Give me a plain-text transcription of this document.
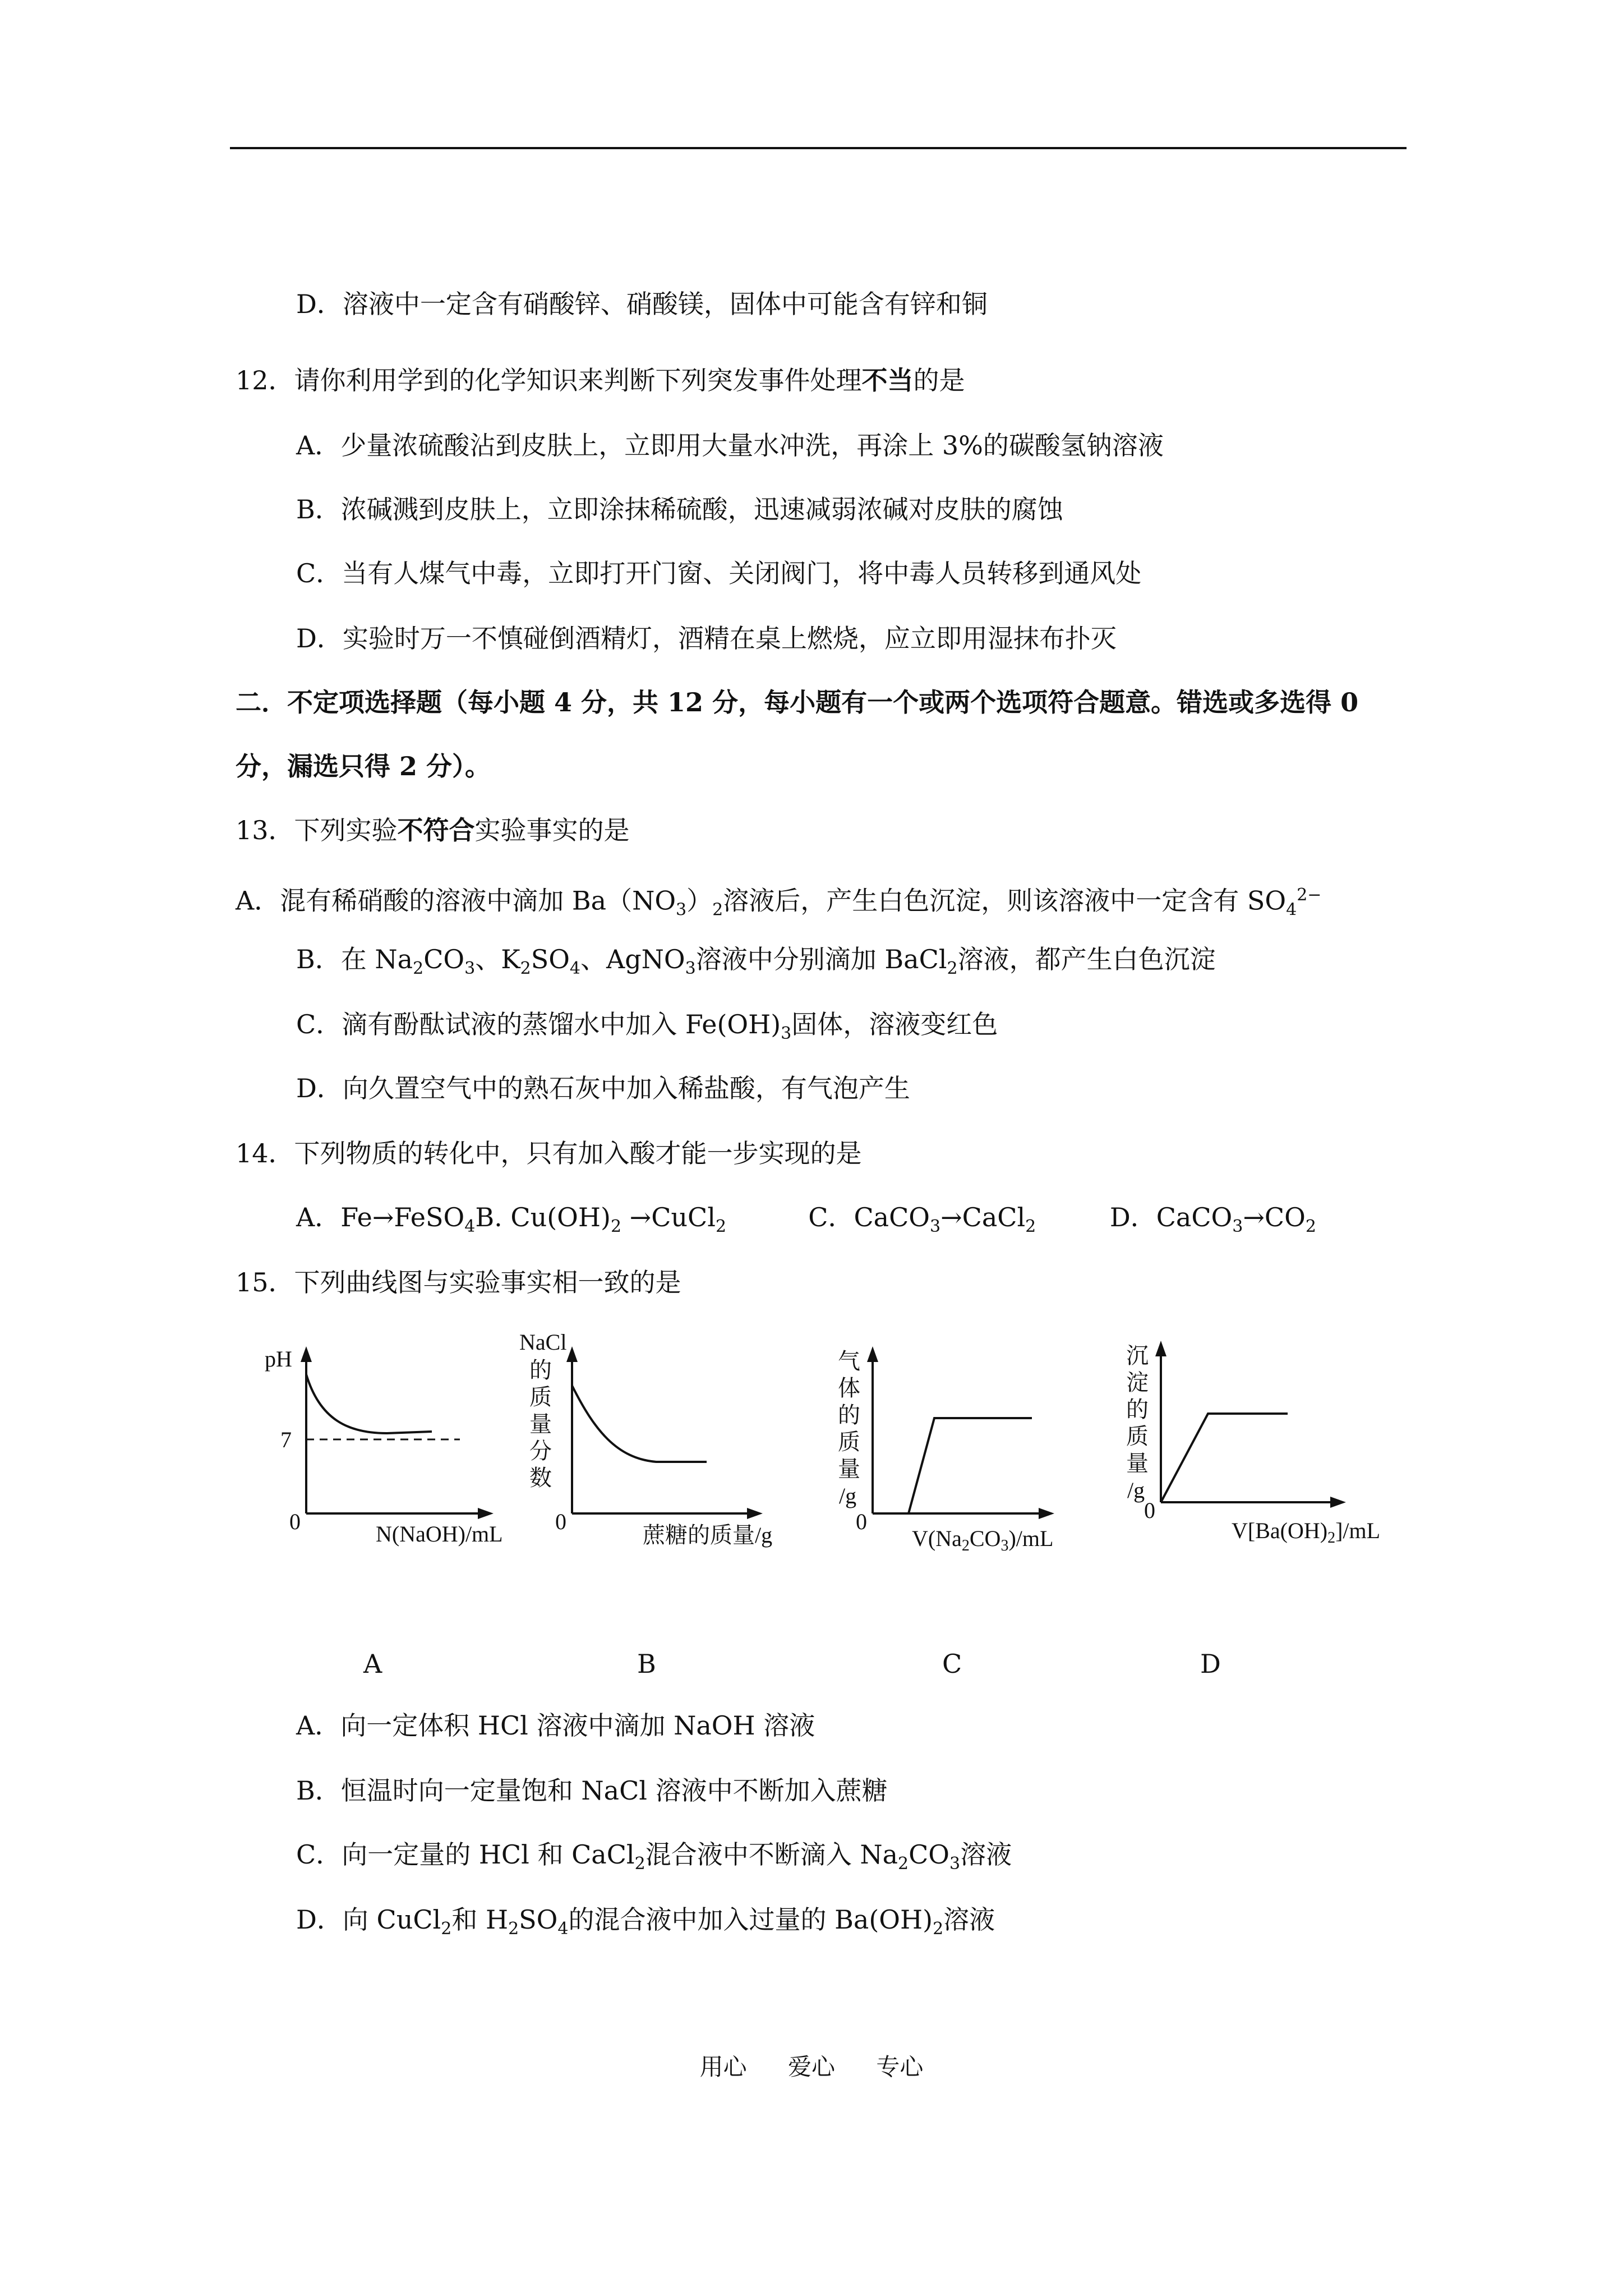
D．溶液中一定含有硝酸锌、硝酸镁，固体中可能含有锌和铜
12．请你利用学到的化学知识来判断下列突发事件处理不当的是
A．少量浓硫酸沾到皮肤上，立即用大量水冲洗，再涂上 3%的碳酸氢钠溶液
B．浓碱溅到皮肤上，立即涂抹稀硫酸，迅速减弱浓碱对皮肤的腐蚀
C．当有人煤气中毒，立即打开门窗、关闭阀门，将中毒人员转移到通风处
D．实验时万一不慎碰倒酒精灯，酒精在桌上燃烧，应立即用湿抹布扑灭
二．不定项选择题（每小题 4 分，共 12 分，每小题有一个或两个选项符合题意。错选或多选得 0
分，漏选只得 2 分）。
13．下列实验不符合实验事实的是
A．混有稀硝酸的溶液中滴加 $Ba(NO_3)_2$溶液后，产生白色沉淀，则该溶液中一定含有 $SO_4^{2-}$
B．在 $Na_2CO_3$、$K_2SO_4$、AgNO$_3$溶液中分别滴加 BaCl$_2$溶液，都产生白色沉淀
C．滴有酚酞试液的蒸馏水中加入 $Fe(OH)_3$固体，溶液变红色
D．向久置空气中的熟石灰中加入稀盐酸，有气泡产生
14．下列物质的转化中，只有加入酸才能一步实现的是
A．Fe→FeSO$_4$B. $Cu(OH)_2$ →CuCl$_2$          C．CaCO$_3$→CaCl$_2$         D．$CaCO_3\to CO_2$
15．下列曲线图与实验事实相一致的是
A．向一定体积 HCl 溶液中滴加 NaOH 溶液
B．恒温时向一定量饱和 NaCl 溶液中不断加入蔗糖
C．向一定量的 HCl 和 CaCl$_2$混合液中不断滴入 $Na_2CO_3$溶液
D．向 CuCl$_2$和 $H_2SO_4$的混合液中加入过量的 $Ba(OH)_2$溶液
pH
7
0	N(NaOH)/mL
NaCl
的
质
量
分
数
0
蔗糖的质量/g
气
体
的
质
量
/g
0
$V(Na_2CO_3)/mL$
沉
淀
的
质
量
/g
0
$V[Ba(OH)_2]/mL$
A	B	C	D
用心 爱心 专心
